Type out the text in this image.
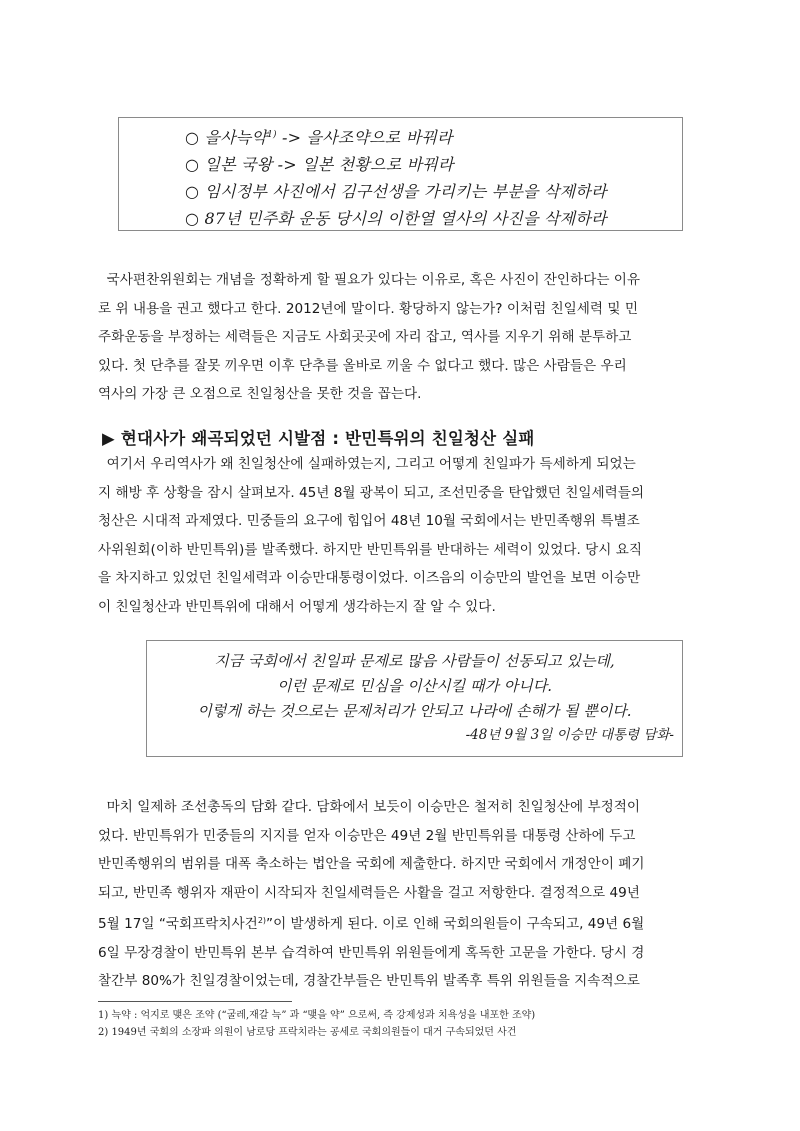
○ 을사늑약$^{1)}$ -> 을사조약으로 바꿔라
○ 일본 국왕 -> 일본 천황으로 바꿔라
○ 임시정부 사진에서 김구선생을 가리키는 부분을 삭제하라
○ 87년 민주화 운동 당시의 이한열 열사의 사진을 삭제하라

국사편찬위원회는 개념을 정확하게 할 필요가 있다는 이유로, 혹은 사진이 잔인하다는 이유

로 위 내용을 권고 했다고 한다. 2012년에 말이다. 황당하지 않는가? 이처럼 친일세력 및 민

주화운동을 부정하는 세력들은 지금도 사회곳곳에 자리 잡고, 역사를 지우기 위해 분투하고

있다. 첫 단추를 잘못 끼우면 이후 단추를 올바로 끼울 수 없다고 했다. 많은 사람들은 우리

역사의 가장 큰 오점으로 친일청산을 못한 것을 꼽는다.

▶ 현대사가 왜곡되었던 시발점 : 반민특위의 친일청산 실패

여기서 우리역사가 왜 친일청산에 실패하였는지, 그리고 어떻게 친일파가 득세하게 되었는

지 해방 후 상황을 잠시 살펴보자. 45년 8월 광복이 되고, 조선민중을 탄압했던 친일세력들의

청산은 시대적 과제였다. 민중들의 요구에 힘입어 48년 10월 국회에서는 반민족행위 특별조

사위원회(이하 반민특위)를 발족했다. 하지만 반민특위를 반대하는 세력이 있었다. 당시 요직

을 차지하고 있었던 친일세력과 이승만대통령이었다. 이즈음의 이승만의 발언을 보면 이승만

이 친일청산과 반민특위에 대해서 어떻게 생각하는지 잘 알 수 있다.

지금 국회에서 친일파 문제로 많음 사람들이 선동되고 있는데,
이런 문제로 민심을 이산시킬 때가 아니다.
이렇게 하는 것으로는 문제처리가 안되고 나라에 손해가 될 뿐이다.
-48년 9월 3일 이승만 대통령 담화-

마치 일제하 조선총독의 담화 같다. 담화에서 보듯이 이승만은 철저히 친일청산에 부정적이

었다. 반민특위가 민중들의 지지를 얻자 이승만은 49년 2월 반민특위를 대통령 산하에 두고

반민족행위의 범위를 대폭 축소하는 법안을 국회에 제출한다. 하지만 국회에서 개정안이 폐기

되고, 반민족 행위자 재판이 시작되자 친일세력들은 사활을 걸고 저항한다. 결정적으로 49년

5월 17일 “국회프락치사건$^{2)}$”이 발생하게 된다. 이로 인해 국회의원들이 구속되고, 49년 6월

6일 무장경찰이 반민특위 본부 습격하여 반민특위 위원들에게 혹독한 고문을 가한다. 당시 경

찰간부 80%가 친일경찰이었는데, 경찰간부들은 반민특위 발족후 특위 위원들을 지속적으로

1) 늑약 : 억지로 맺은 조약 (“굴레,재갈 늑” 과 “맺을 약” 으로써, 즉 강제성과 치욕성을 내포한 조약)
2) 1949년 국회의 소장파 의원이 남로당 프락치라는 공세로 국회의원들이 대거 구속되었던 사건
